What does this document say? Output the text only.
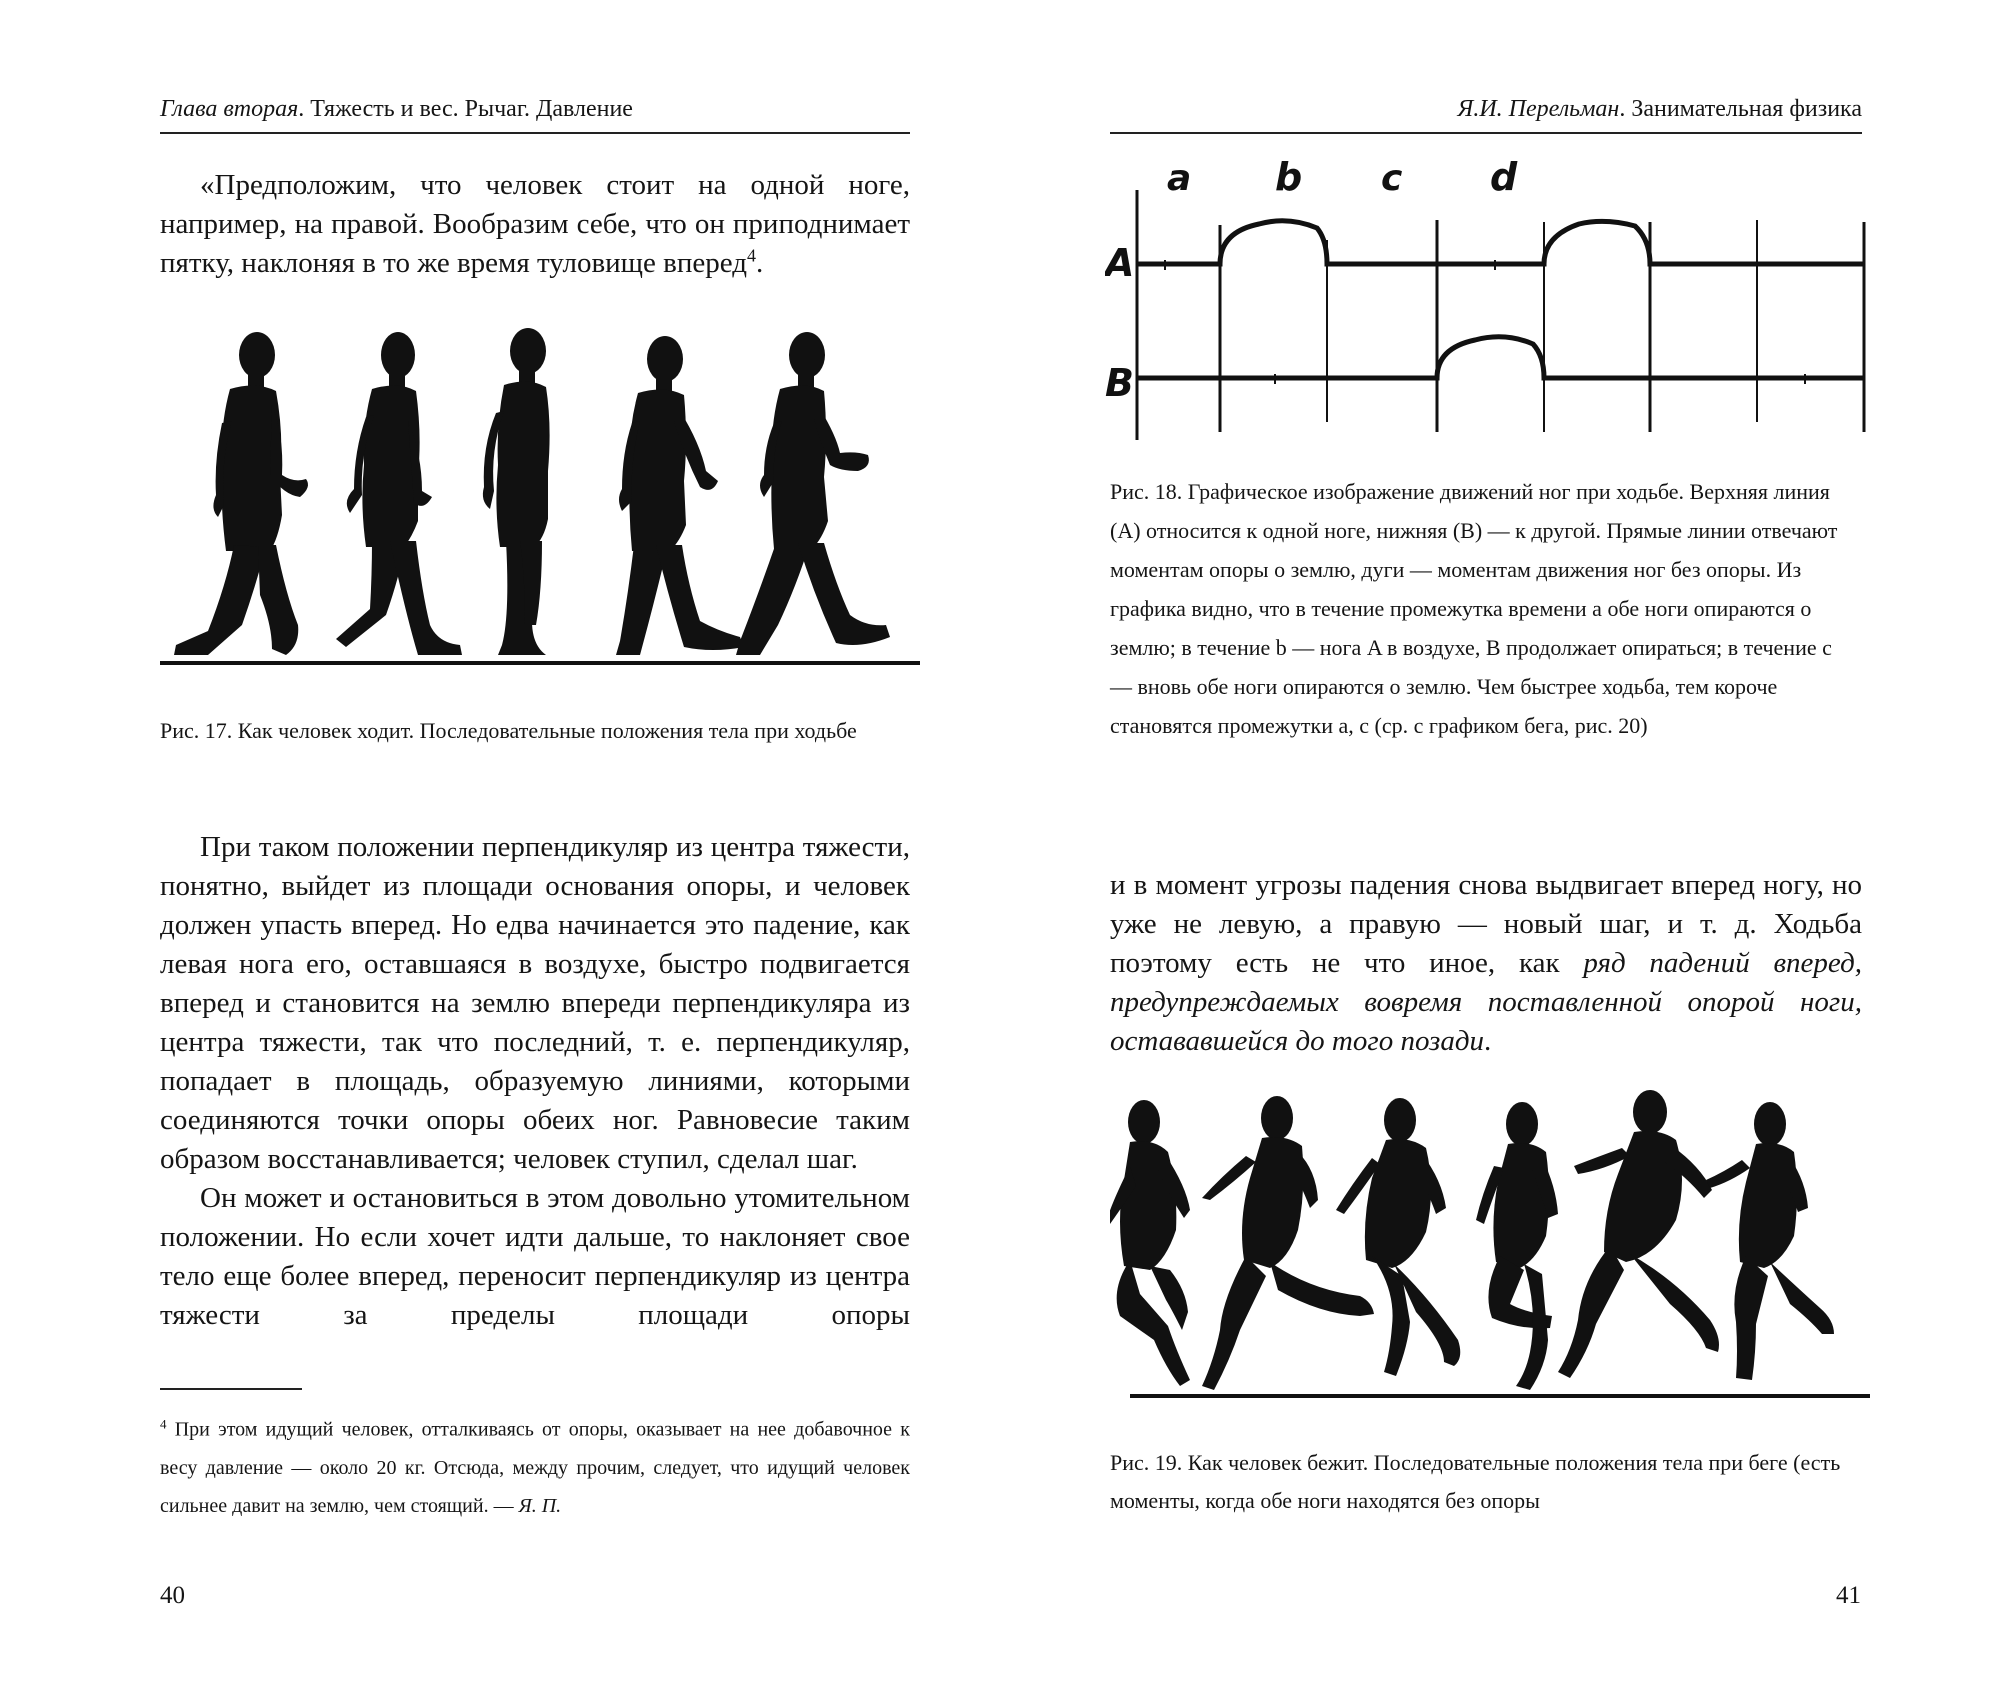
Глава вторая. Тяжесть и вес. Рычаг. Давление

«Предположим, что человек стоит на одной ноге, например, на правой. Вообразим себе, что он приподнимает пятку, наклоняя в то же время туловище вперед$^4$.

Рис. 17. Как человек ходит. Последовательные положения тела при ходьбе

При таком положении перпендикуляр из центра тяжести, понятно, выйдет из площади основания опоры, и человек должен упасть вперед. Но едва начинается это падение, как левая нога его, оставшаяся в воздухе, быстро подвигается вперед и становится на землю впереди перпендикуляра из центра тяжести, так что последний, т. е. перпендикуляр, попадает в площадь, образуемую линиями, которыми соединяются точки опоры обеих ног. Равновесие таким образом восстанавливается; человек ступил, сделал шаг.

Он может и остановиться в этом довольно утомительном положении. Но если хочет идти дальше, то наклоняет свое тело еще более вперед, переносит перпендикуляр из центра тяжести за пределы площади опоры

$^4$ При этом идущий человек, отталкиваясь от опоры, оказывает на нее добавочное к весу давление — около 20 кг. Отсюда, между прочим, следует, что идущий человек сильнее давит на землю, чем стоящий. — Я. П.

40
Я.И. Перельман. Занимательная физика
a b c d
A
B

Рис. 18. Графическое изображение движений ног при ходьбе. Верхняя линия (A) относится к одной ноге, нижняя (B) — к другой. Прямые линии отвечают моментам опоры о землю, дуги — моментам движения ног без опоры. Из графика видно, что в течение промежутка времени a обе ноги опираются о землю; в течение b — нога A в воздухе, B продолжает опираться; в течение c — вновь обе ноги опираются о землю. Чем быстрее ходьба, тем короче становятся промежутки a, c (ср. с графиком бега, рис. 20)

и в момент угрозы падения снова выдвигает вперед ногу, но уже не левую, а правую — новый шаг, и т. д. Ходьба поэтому есть не что иное, как ряд падений вперед, предупреждаемых вовремя поставленной опорой ноги, остававшейся до того позади.

Рис. 19. Как человек бежит. Последовательные положения тела при беге (есть моменты, когда обе ноги находятся без опоры

41
